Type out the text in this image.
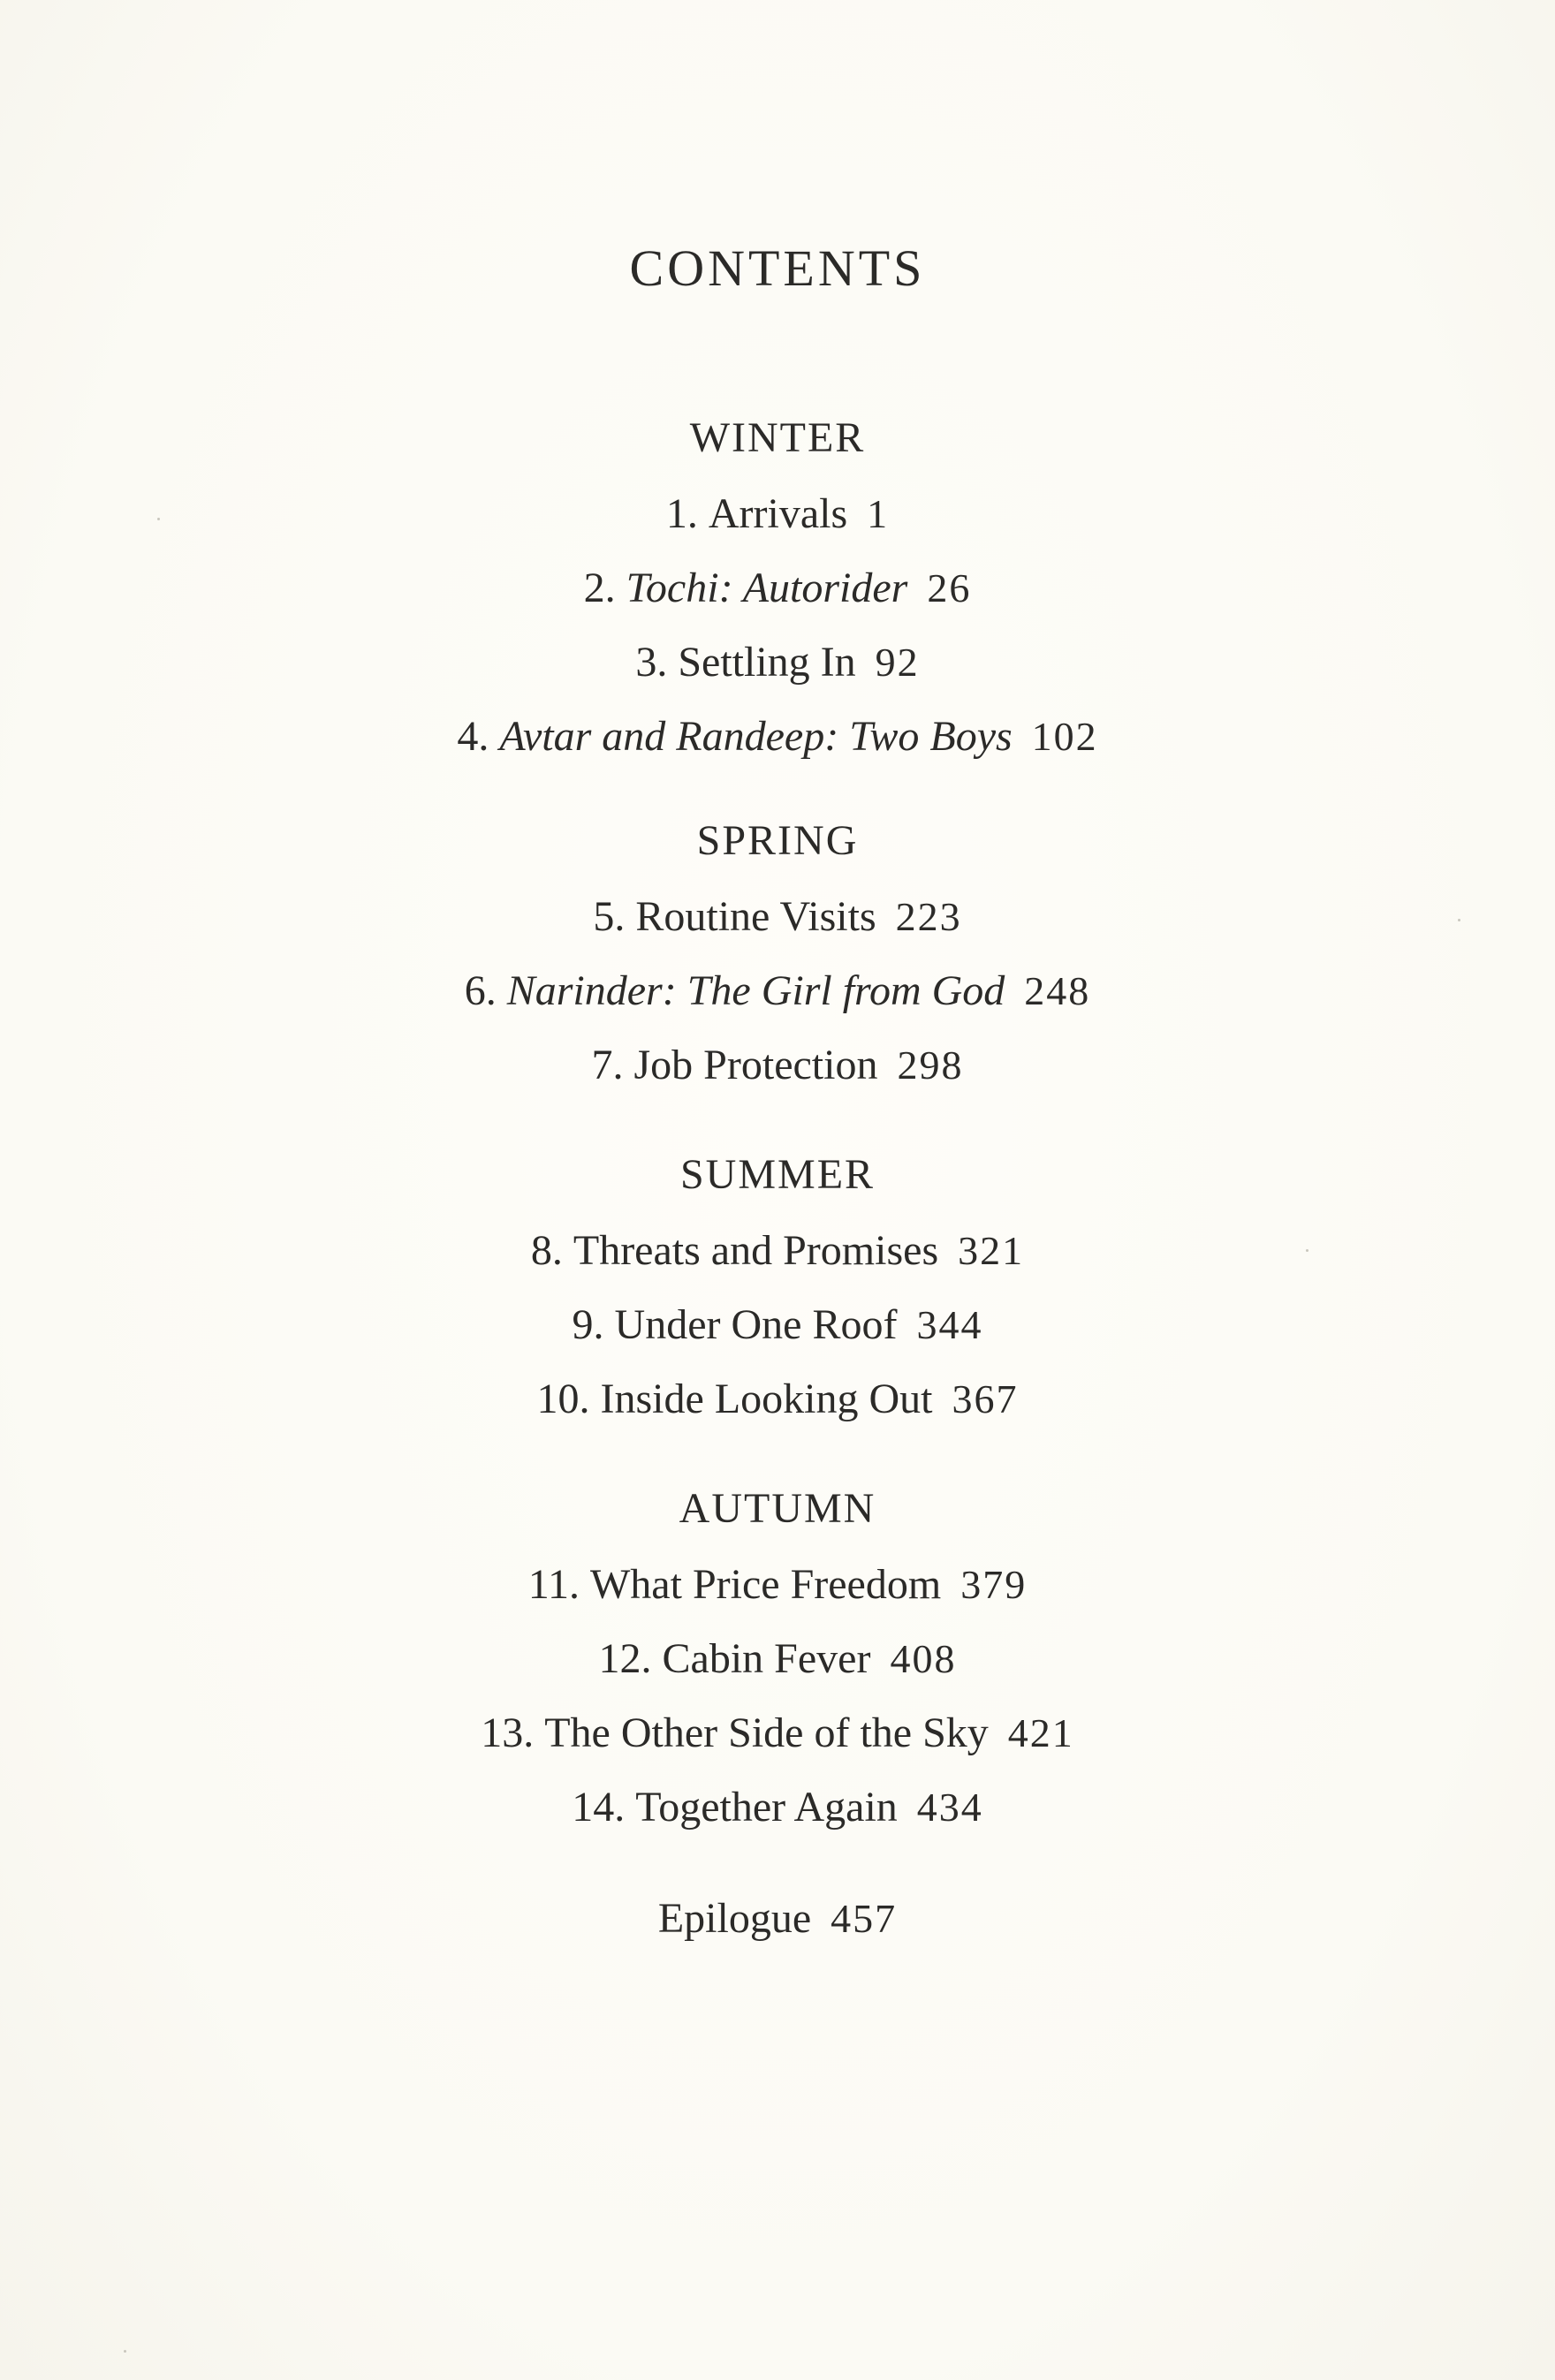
CONTENTS
WINTER
1. Arrivals 1
2. Tochi: Autorider 26
3. Settling In 92
4. Avtar and Randeep: Two Boys 102
SPRING
5. Routine Visits 223
6. Narinder: The Girl from God 248
7. Job Protection 298
SUMMER
8. Threats and Promises 321
9. Under One Roof 344
10. Inside Looking Out 367
AUTUMN
11. What Price Freedom 379
12. Cabin Fever 408
13. The Other Side of the Sky 421
14. Together Again 434
Epilogue 457
